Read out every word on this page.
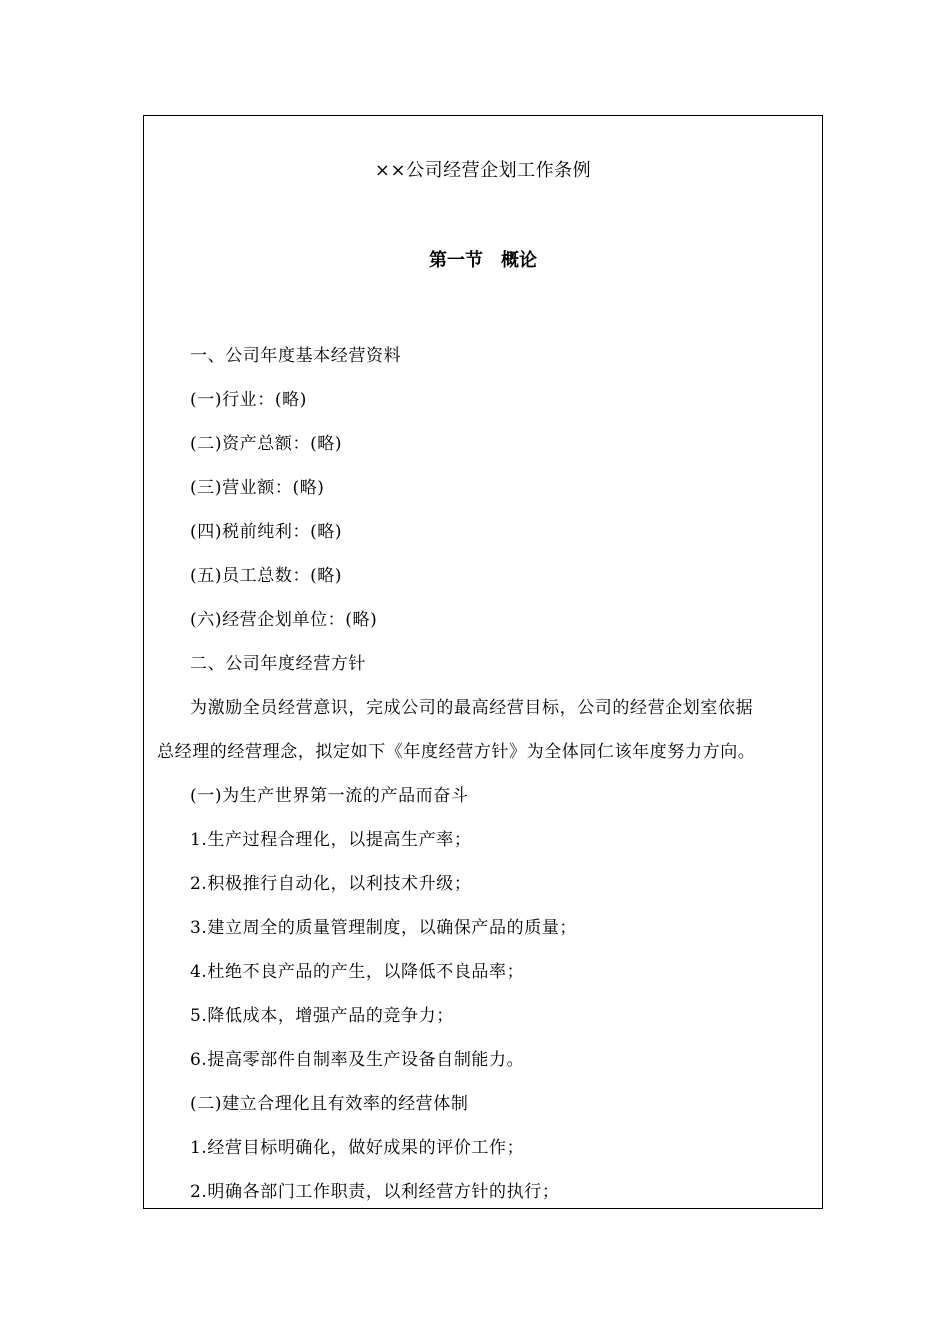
××公司经营企划工作条例
第一节　概论
一、公司年度基本经营资料
(一)行业：(略)
(二)资产总额：(略)
(三)营业额：(略)
(四)税前纯利：(略)
(五)员工总数：(略)
(六)经营企划单位：(略)
二、公司年度经营方针
为激励全员经营意识，完成公司的最高经营目标，公司的经营企划室依据
总经理的经营理念，拟定如下《年度经营方针》为全体同仁该年度努力方向。
(一)为生产世界第一流的产品而奋斗
1.生产过程合理化，以提高生产率；
2.积极推行自动化，以利技术升级；
3.建立周全的质量管理制度，以确保产品的质量；
4.杜绝不良产品的产生，以降低不良品率；
5.降低成本，增强产品的竞争力；
6.提高零部件自制率及生产设备自制能力。
(二)建立合理化且有效率的经营体制
1.经营目标明确化，做好成果的评价工作；
2.明确各部门工作职责，以利经营方针的执行；
